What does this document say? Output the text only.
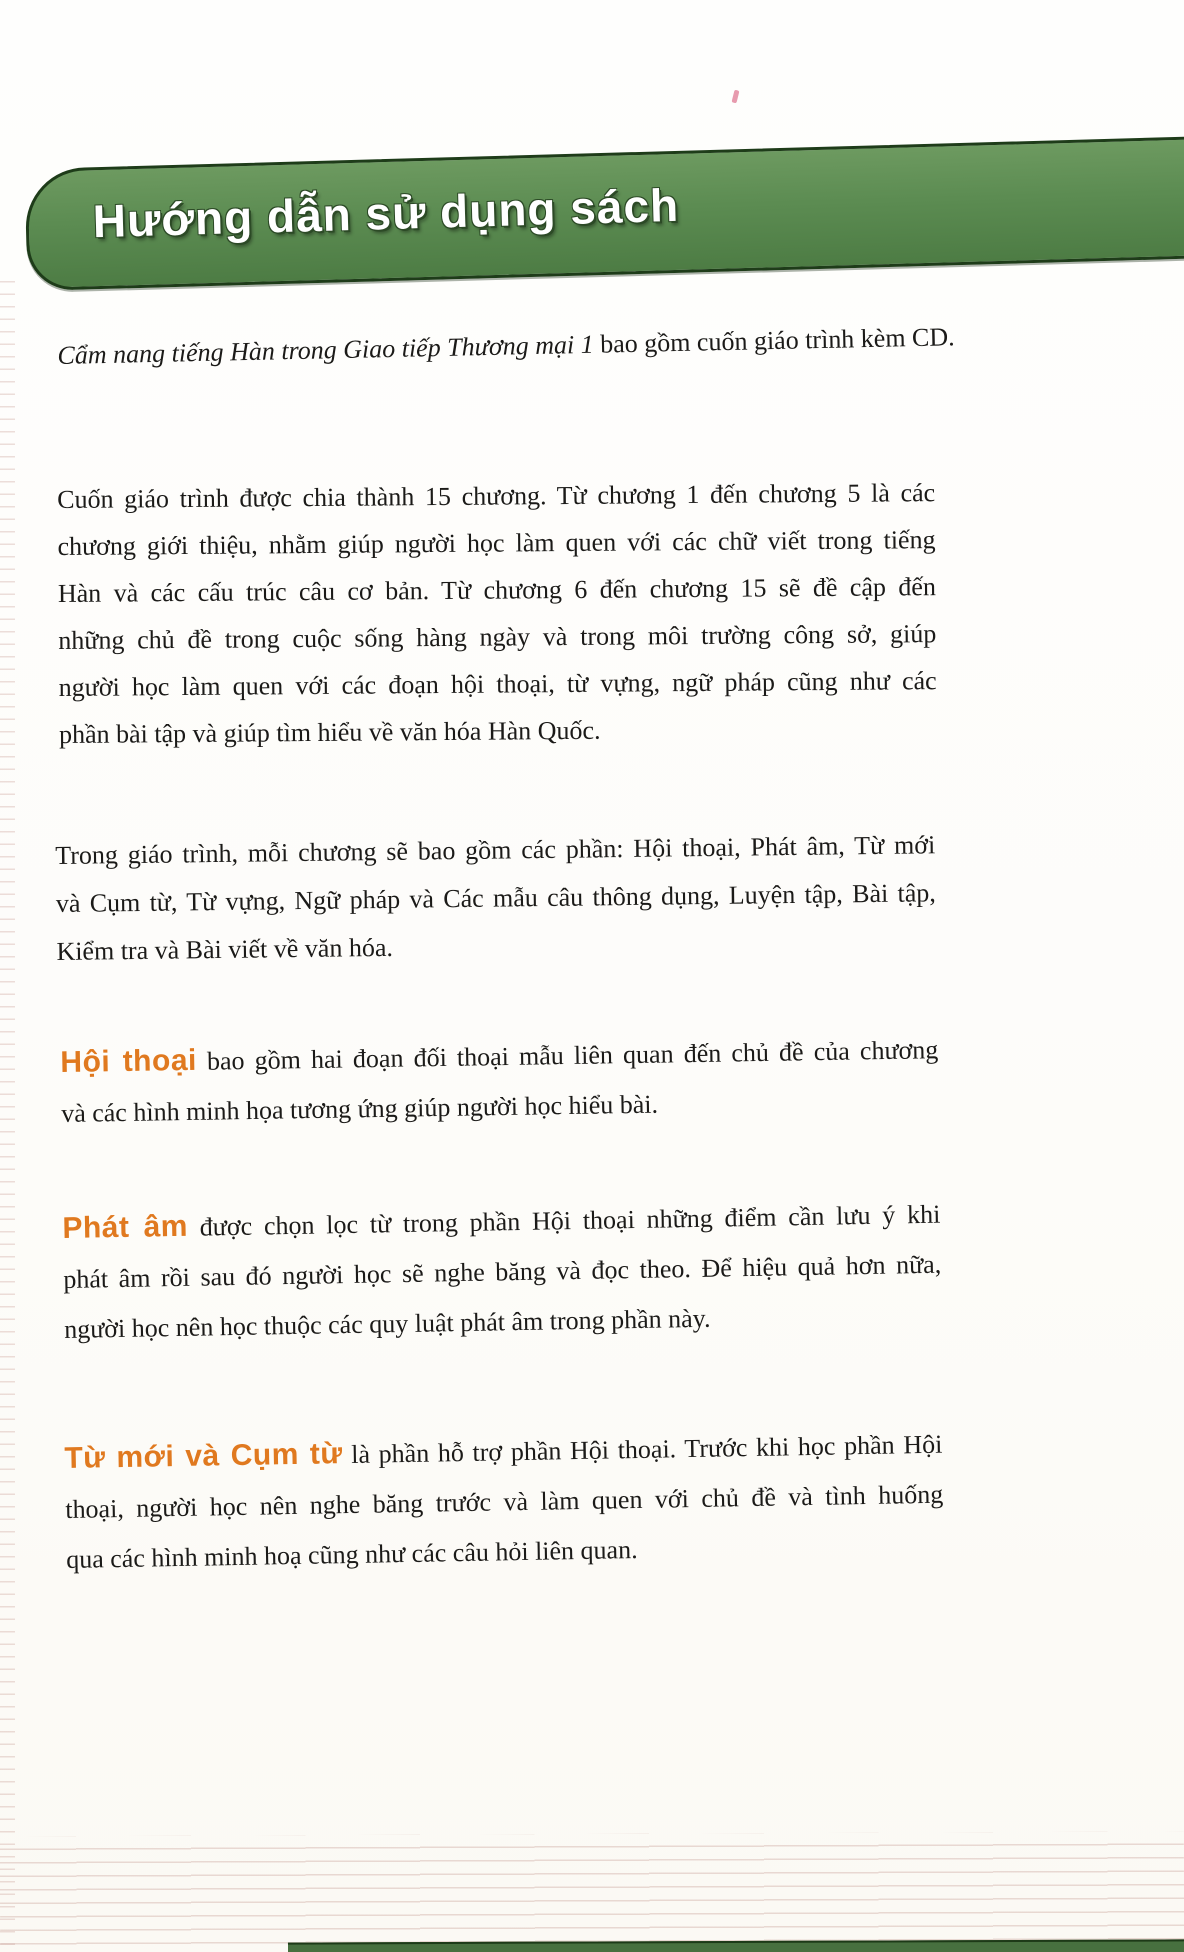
Hướng dẫn sử dụng sách
Cẩm nang tiếng Hàn trong Giao tiếp Thương mại 1 bao gồm cuốn giáo trình kèm CD.
Cuốn giáo trình được chia thành 15 chương. Từ chương 1 đến chương 5 là các
chương giới thiệu, nhằm giúp người học làm quen với các chữ viết trong tiếng
Hàn và các cấu trúc câu cơ bản. Từ chương 6 đến chương 15 sẽ đề cập đến
những chủ đề trong cuộc sống hàng ngày và trong môi trường công sở, giúp
người học làm quen với các đoạn hội thoại, từ vựng, ngữ pháp cũng như các
phần bài tập và giúp tìm hiểu về văn hóa Hàn Quốc.
Trong giáo trình, mỗi chương sẽ bao gồm các phần: Hội thoại, Phát âm, Từ mới
và Cụm từ, Từ vựng, Ngữ pháp và Các mẫu câu thông dụng, Luyện tập, Bài tập,
Kiểm tra và Bài viết về văn hóa.
Hội thoại bao gồm hai đoạn đối thoại mẫu liên quan đến chủ đề của chương
và các hình minh họa tương ứng giúp người học hiểu bài.
Phát âm được chọn lọc từ trong phần Hội thoại những điểm cần lưu ý khi
phát âm rồi sau đó người học sẽ nghe băng và đọc theo. Để hiệu quả hơn nữa,
người học nên học thuộc các quy luật phát âm trong phần này.
Từ mới và Cụm từ là phần hỗ trợ phần Hội thoại. Trước khi học phần Hội
thoại, người học nên nghe băng trước và làm quen với chủ đề và tình huống
qua các hình minh hoạ cũng như các câu hỏi liên quan.
